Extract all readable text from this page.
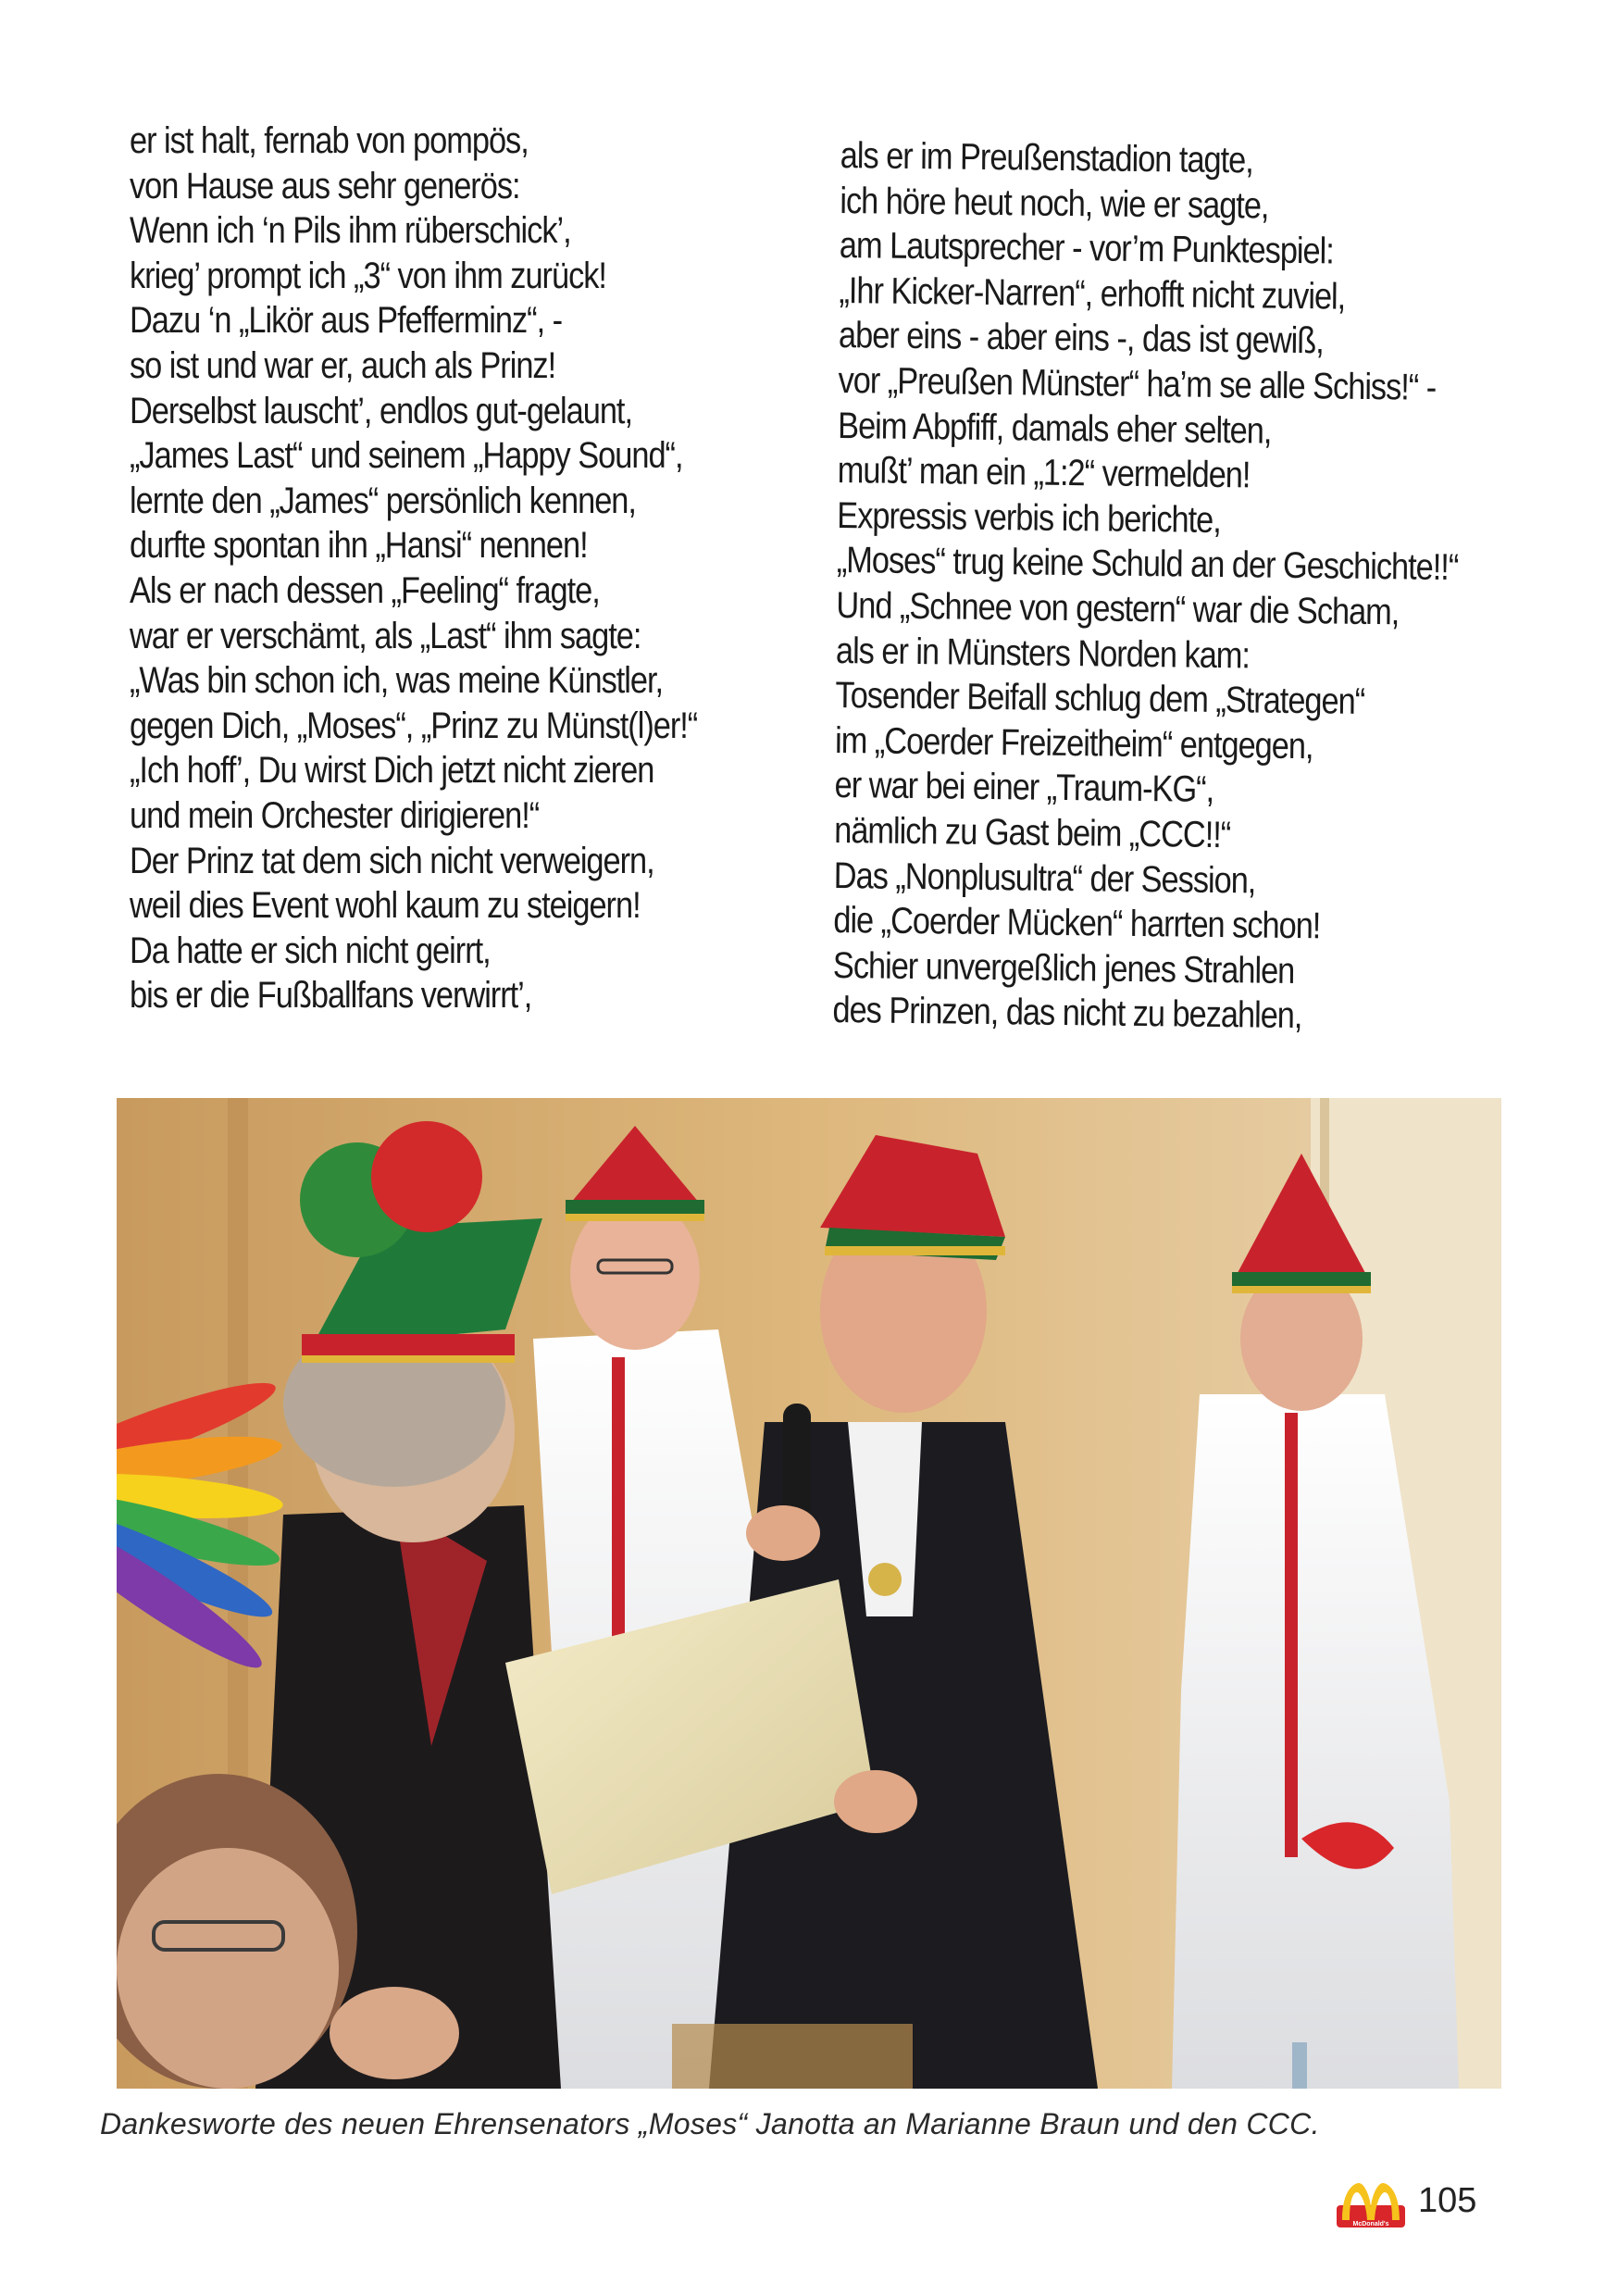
er ist halt, fernab von pompös,
von Hause aus sehr generös:
Wenn ich ‘n Pils ihm rüberschick’,
krieg’ prompt ich „3“ von ihm zurück!
Dazu ‘n „Likör aus Pfefferminz“, -
so ist und war er, auch als Prinz!
Derselbst lauscht’, endlos gut-gelaunt,
„James Last“ und seinem „Happy Sound“,
lernte den „James“ persönlich kennen,
durfte spontan ihn „Hansi“ nennen!
Als er nach dessen „Feeling“ fragte,
war er verschämt, als „Last“ ihm sagte:
„Was bin schon ich, was meine Künstler,
gegen Dich, „Moses“, „Prinz zu Münst(l)er!“
„Ich hoff’, Du wirst Dich jetzt nicht zieren
und mein Orchester dirigieren!“
Der Prinz tat dem sich nicht verweigern,
weil dies Event wohl kaum zu steigern!
Da hatte er sich nicht geirrt,
bis er die Fußballfans verwirrt’,
als er im Preußenstadion tagte,
ich höre heut noch, wie er sagte,
am Lautsprecher - vor’m Punktespiel:
„Ihr Kicker-Narren“, erhofft nicht zuviel,
aber eins - aber eins -, das ist gewiß,
vor „Preußen Münster“ ha’m se alle Schiss!“ -
Beim Abpfiff, damals eher selten,
mußt’ man ein „1:2“ vermelden!
Expressis verbis ich berichte,
„Moses“ trug keine Schuld an der Geschichte!!“
Und „Schnee von gestern“ war die Scham,
als er in Münsters Norden kam:
Tosender Beifall schlug dem „Strategen“
im „Coerder Freizeitheim“ entgegen,
er war bei einer „Traum-KG“,
nämlich zu Gast beim „CCC!!“
Das „Nonplusultra“ der Session,
die „Coerder Mücken“ harrten schon!
Schier unvergeßlich jenes Strahlen
des Prinzen, das nicht zu bezahlen,
Dankesworte des neuen Ehrensenators „Moses“ Janotta an Marianne Braun und den CCC.
McDonald's
105
